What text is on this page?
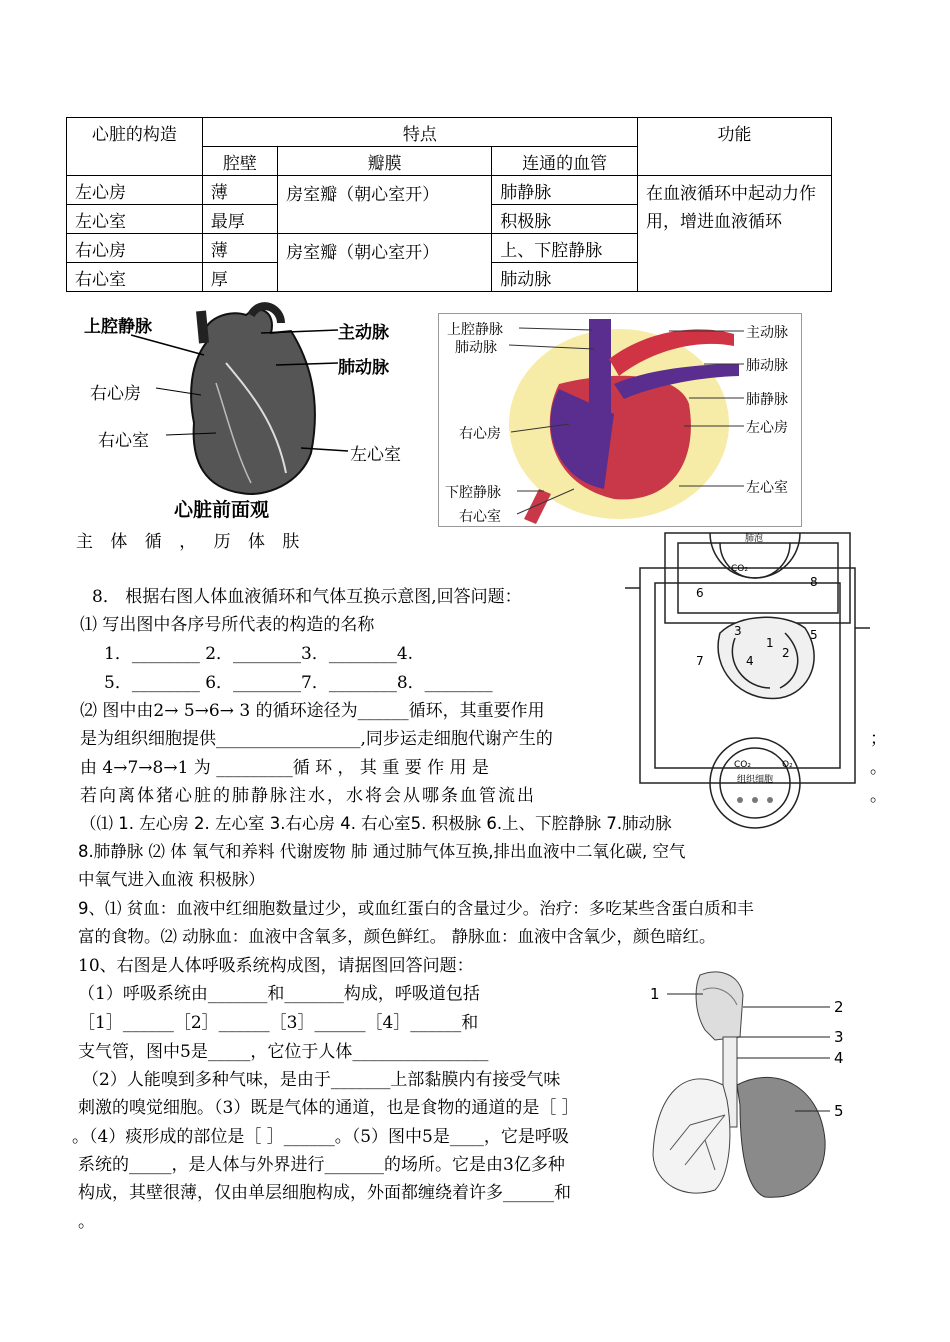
心脏的构造	特点			功能
	腔壁	瓣膜	连通的血管	
左心房	薄	房室瓣（朝心室开）	肺静脉	在血液循环中起动力作用，增进血液循环
左心室	最厚		积极脉	
右心房	薄	房室瓣（朝心室开）	上、下腔静脉	
右心室	厚		肺动脉	
上腔静脉	主动脉
肺动脉
右心房
右心室
左心室
心脏前面观
主 体 循 ， 历 体 肤
上腔静脉
肺动脉
右心房
下腔静脉
右心室
主动脉
肺动脉
肺静脉
左心房
左心室
肺泡
CO₂
CO₂	O₂
组织细胞
1
2
3
4
5
6
7
8
8． 根据右图人体血液循环和气体互换示意图,回答问题：
⑴ 写出图中各序号所代表的构造的名称
1．________ 2．________3．________4.
5．________ 6．________7．________8．________
⑵ 图中由2→ 5→6→ 3 的循环途径为______循环，其重要作用
是为组织细胞提供_________________,同步运走细胞代谢产生的	；
由 4→7→8→1 为 _________循 环 ， 其 重 要 作 用 是	。
若向离体猪心脏的肺静脉注水，水将会从哪条血管流出	。
（⑴ 1. 左心房 2. 左心室 3.右心房 4. 右心室5. 积极脉 6.上、下腔静脉 7.肺动脉
8.肺静脉 ⑵ 体 氧气和养料 代谢废物 肺 通过肺气体互换,排出血液中二氧化碳, 空气
中氧气进入血液 积极脉）
9、⑴ 贫血：血液中红细胞数量过少，或血红蛋白的含量过少。治疗：多吃某些含蛋白质和丰
富的食物。⑵ 动脉血：血液中含氧多，颜色鲜红。 静脉血：血液中含氧少，颜色暗红。
10、右图是人体呼吸系统构成图，请据图回答问题：
（1）呼吸系统由_______和_______构成，呼吸道包括
［1］______［2］______［3］______［4］______和
支气管，图中5是_____，它位于人体________________
（2）人能嗅到多种气味，是由于_______上部黏膜内有接受气味
刺激的嗅觉细胞。（3）既是气体的通道，也是食物的通道的是［ ］
。（4）痰形成的部位是［ ］______。（5）图中5是____，它是呼吸
系统的_____，是人体与外界进行_______的场所。它是由3亿多种
构成，其壁很薄，仅由单层细胞构成，外面都缠绕着许多______和
。
1
2
3
4
5
